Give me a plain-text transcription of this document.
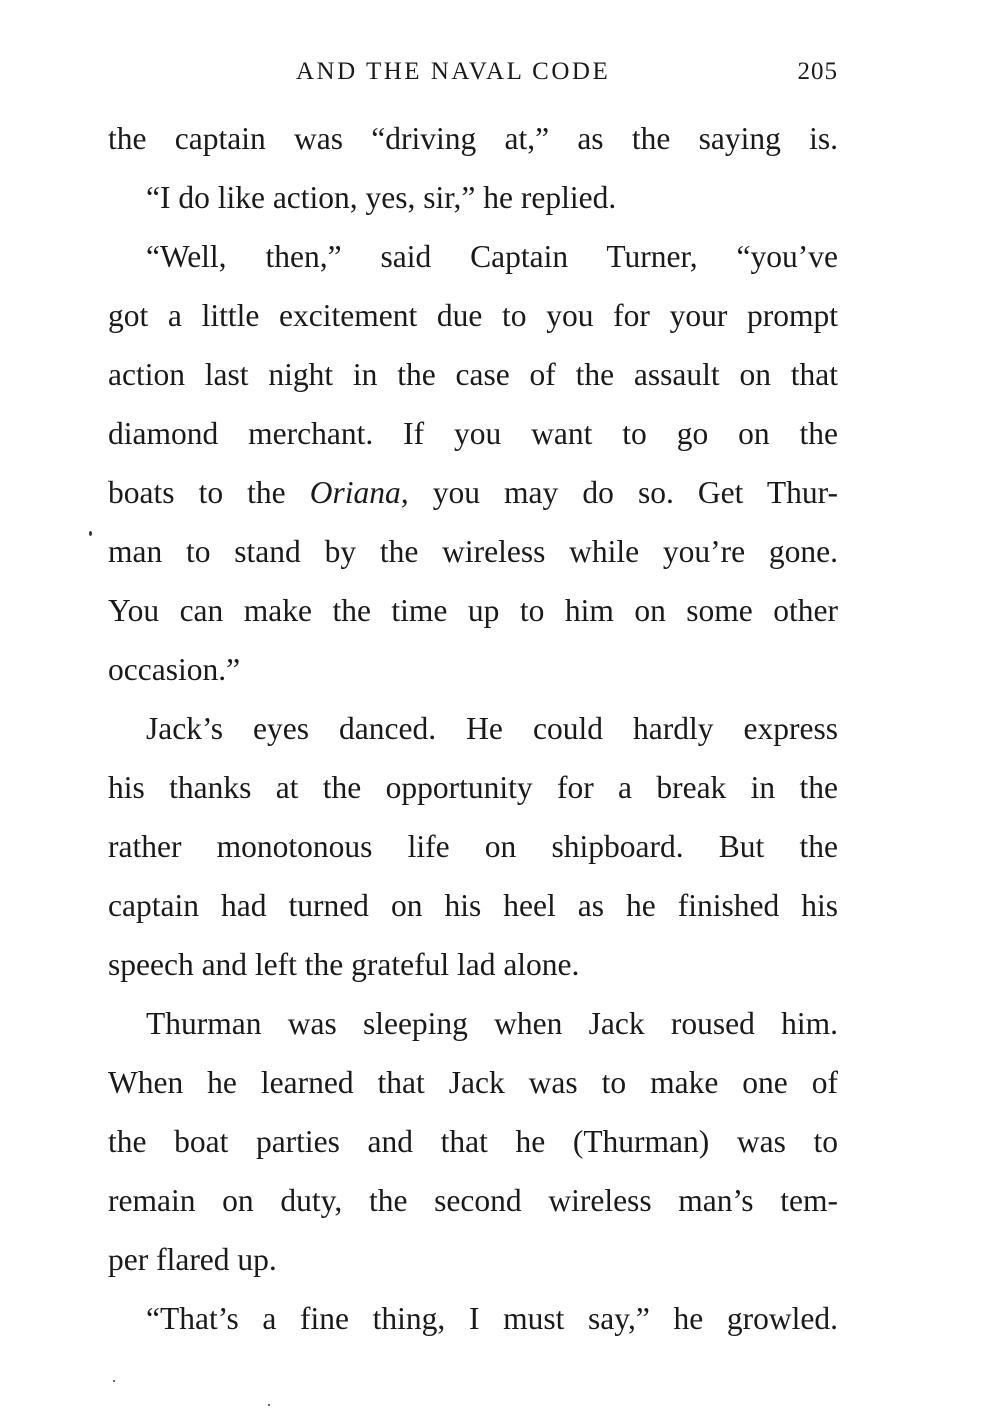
AND THE NAVAL CODE	205
the captain was “driving at,” as the saying is.
“I do like action, yes, sir,” he replied.
“Well, then,” said Captain Turner, “you’ve
got a little excitement due to you for your prompt
action last night in the case of the assault on that
diamond merchant. If you want to go on the
boats to the Oriana, you may do so. Get Thur-
man to stand by the wireless while you’re gone.
You can make the time up to him on some other
occasion.”
Jack’s eyes danced. He could hardly express
his thanks at the opportunity for a break in the
rather monotonous life on shipboard. But the
captain had turned on his heel as he finished his
speech and left the grateful lad alone.
Thurman was sleeping when Jack roused him.
When he learned that Jack was to make one of
the boat parties and that he (Thurman) was to
remain on duty, the second wireless man’s tem-
per flared up.
“That’s a fine thing, I must say,” he growled.
